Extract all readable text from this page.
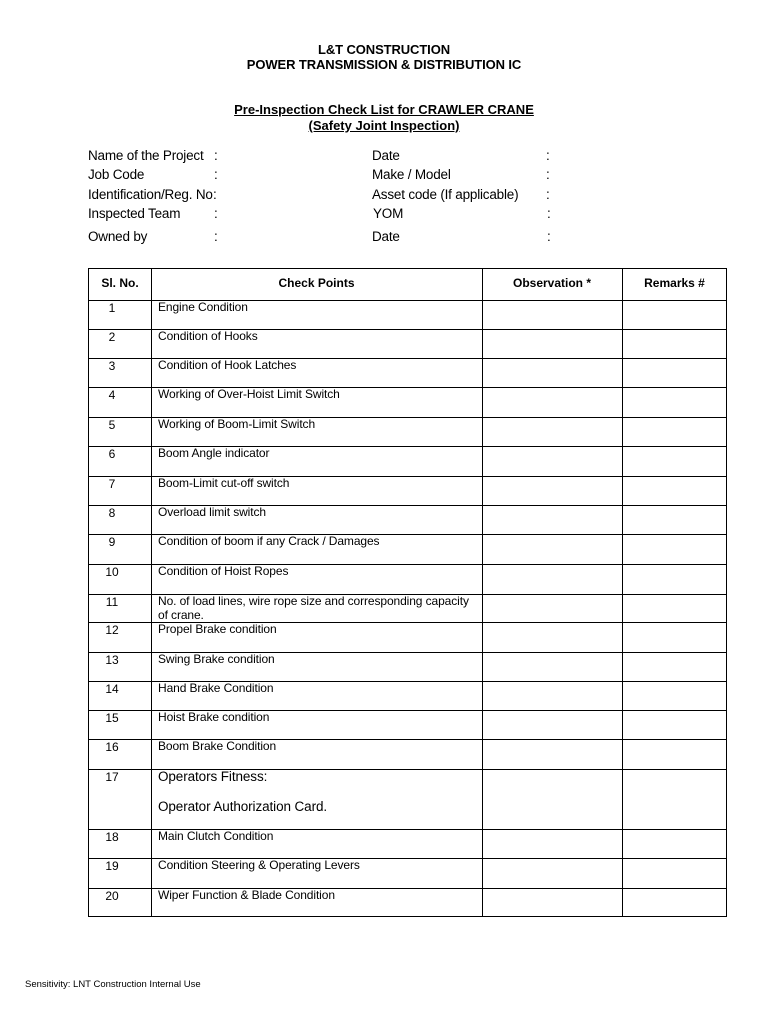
L&T CONSTRUCTION
POWER TRANSMISSION & DISTRIBUTION IC
Pre-Inspection Check List for CRAWLER CRANE
(Safety Joint Inspection)
Name of the Project :
Job Code	:
Identification/Reg. No :
Inspected Team :
Owned by	:
Date	:
Make / Model	:
Asset code (If applicable) :
YOM	:
Date	:
Sl. No.	Check Points	Observation *	Remarks #
1	Engine Condition
2	Condition of Hooks
3	Condition of Hook Latches
4	Working of Over-Hoist Limit Switch
5	Working of Boom-Limit Switch
6	Boom Angle indicator
7	Boom-Limit cut-off switch
8	Overload limit switch
9	Condition of boom if any Crack / Damages
10	Condition of Hoist Ropes
11	No. of load lines, wire rope size and corresponding capacity
of crane.
12	Propel Brake condition
13	Swing Brake condition
14	Hand Brake Condition
15	Hoist Brake condition
16	Boom Brake Condition
17	Operators Fitness:
Operator Authorization Card.
18	Main Clutch Condition
19	Condition Steering & Operating Levers
20	Wiper Function & Blade Condition
Sensitivity: LNT Construction Internal Use
